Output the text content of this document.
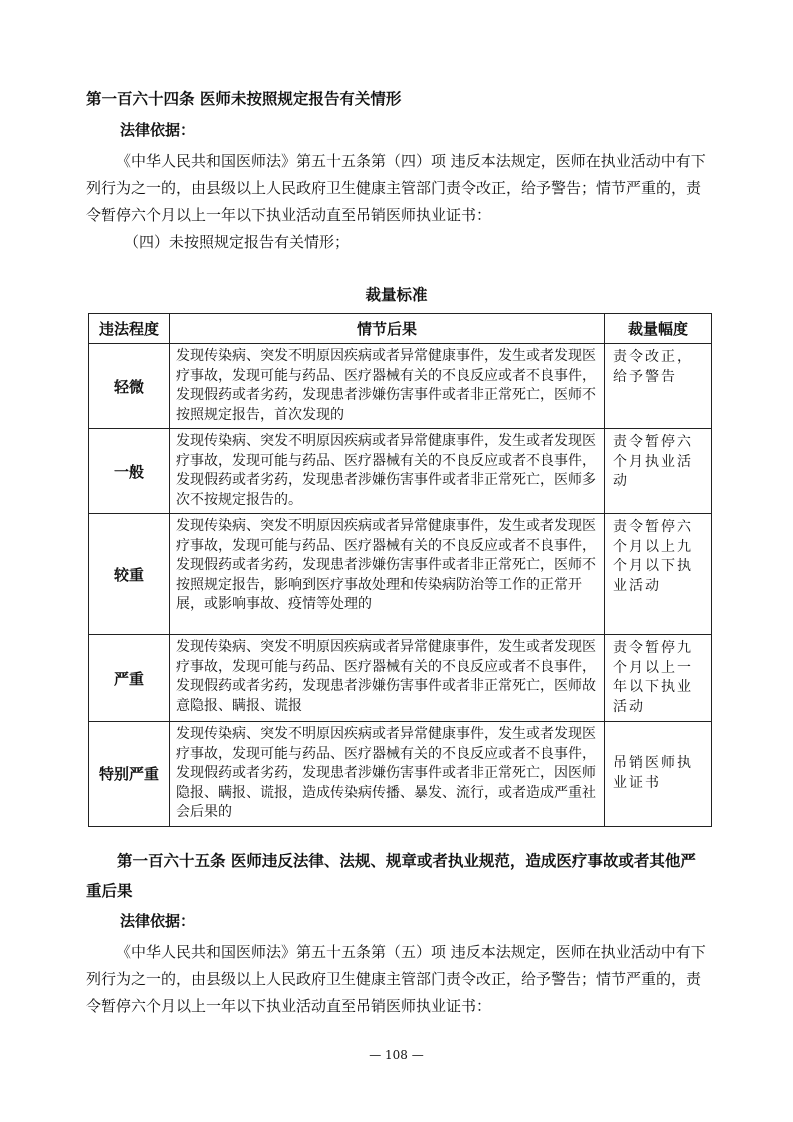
第一百六十四条 医师未按照规定报告有关情形
法律依据：
《中华人民共和国医师法》第五十五条第（四）项 违反本法规定，医师在执业活动中有下列行为之一的，由县级以上人民政府卫生健康主管部门责令改正，给予警告；情节严重的，责令暂停六个月以上一年以下执业活动直至吊销医师执业证书：
（四）未按照规定报告有关情形；
裁量标准
违法程度	情节后果	裁量幅度
轻微	发现传染病、突发不明原因疾病或者异常健康事件，发生或者发现医疗事故，发现可能与药品、医疗器械有关的不良反应或者不良事件，发现假药或者劣药，发现患者涉嫌伤害事件或者非正常死亡，医师不按照规定报告，首次发现的	责令改正，给予警告
一般	发现传染病、突发不明原因疾病或者异常健康事件，发生或者发现医疗事故，发现可能与药品、医疗器械有关的不良反应或者不良事件，发现假药或者劣药，发现患者涉嫌伤害事件或者非正常死亡，医师多次不按规定报告的。	责令暂停六个月执业活动
较重	发现传染病、突发不明原因疾病或者异常健康事件，发生或者发现医疗事故，发现可能与药品、医疗器械有关的不良反应或者不良事件，发现假药或者劣药，发现患者涉嫌伤害事件或者非正常死亡，医师不按照规定报告，影响到医疗事故处理和传染病防治等工作的正常开展，或影响事故、疫情等处理的	责令暂停六个月以上九个月以下执业活动
严重	发现传染病、突发不明原因疾病或者异常健康事件，发生或者发现医疗事故，发现可能与药品、医疗器械有关的不良反应或者不良事件，发现假药或者劣药，发现患者涉嫌伤害事件或者非正常死亡，医师故意隐报、瞒报、谎报	责令暂停九个月以上一年以下执业活动
特别严重	发现传染病、突发不明原因疾病或者异常健康事件，发生或者发现医疗事故，发现可能与药品、医疗器械有关的不良反应或者不良事件，发现假药或者劣药，发现患者涉嫌伤害事件或者非正常死亡，因医师隐报、瞒报、谎报，造成传染病传播、暴发、流行，或者造成严重社会后果的	吊销医师执业证书
第一百六十五条 医师违反法律、法规、规章或者执业规范，造成医疗事故或者其他严重后果
法律依据：
《中华人民共和国医师法》第五十五条第（五）项 违反本法规定，医师在执业活动中有下列行为之一的，由县级以上人民政府卫生健康主管部门责令改正，给予警告；情节严重的，责令暂停六个月以上一年以下执业活动直至吊销医师执业证书：
— 108 —
